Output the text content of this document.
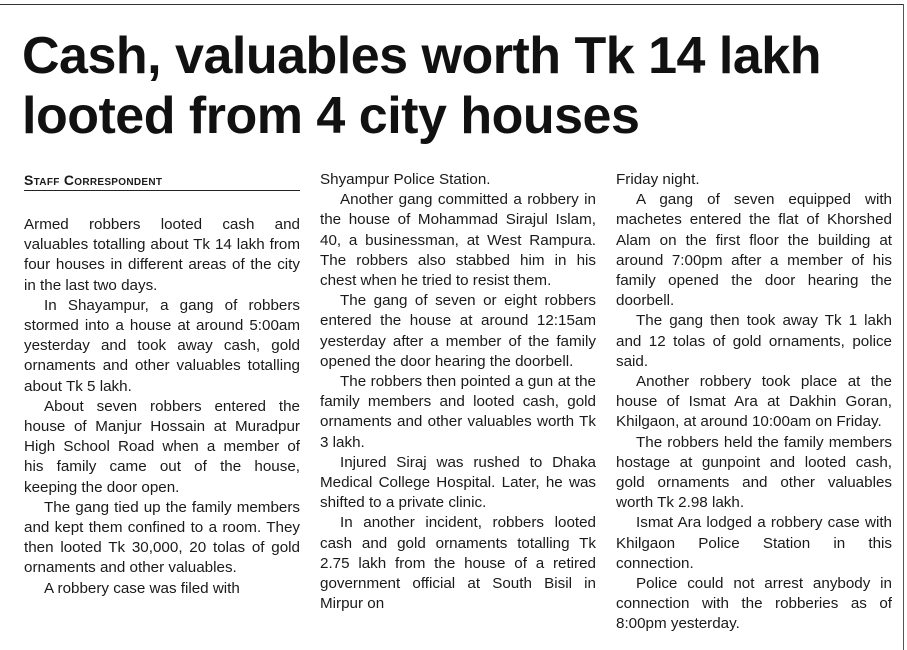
Cash, valuables worth Tk 14 lakh looted from 4 city houses
Staff Correspondent

Armed robbers looted cash and valuables totalling about Tk 14 lakh from four houses in different areas of the city in the last two days.

In Shayampur, a gang of robbers stormed into a house at around 5:00am yesterday and took away cash, gold ornaments and other valuables totalling about Tk 5 lakh.

About seven robbers entered the house of Manjur Hossain at Muradpur High School Road when a member of his family came out of the house, keeping the door open.

The gang tied up the family members and kept them confined to a room. They then looted Tk 30,000, 20 tolas of gold ornaments and other valuables.

A robbery case was filed with

Shyampur Police Station.

Another gang committed a robbery in the house of Mohammad Sirajul Islam, 40, a businessman, at West Rampura. The robbers also stabbed him in his chest when he tried to resist them.

The gang of seven or eight robbers entered the house at around 12:15am yesterday after a member of the family opened the door hearing the doorbell.

The robbers then pointed a gun at the family members and looted cash, gold ornaments and other valuables worth Tk 3 lakh.

Injured Siraj was rushed to Dhaka Medical College Hospital. Later, he was shifted to a private clinic.

In another incident, robbers looted cash and gold ornaments totalling Tk 2.75 lakh from the house of a retired government official at South Bisil in Mirpur on

Friday night.

A gang of seven equipped with machetes entered the flat of Khorshed Alam on the first floor the building at around 7:00pm after a member of his family opened the door hearing the doorbell.

The gang then took away Tk 1 lakh and 12 tolas of gold ornaments, police said.

Another robbery took place at the house of Ismat Ara at Dakhin Goran, Khilgaon, at around 10:00am on Friday.

The robbers held the family members hostage at gunpoint and looted cash, gold ornaments and other valuables worth Tk 2.98 lakh.

Ismat Ara lodged a robbery case with Khilgaon Police Station in this connection.

Police could not arrest anybody in connection with the robberies as of 8:00pm yesterday.
